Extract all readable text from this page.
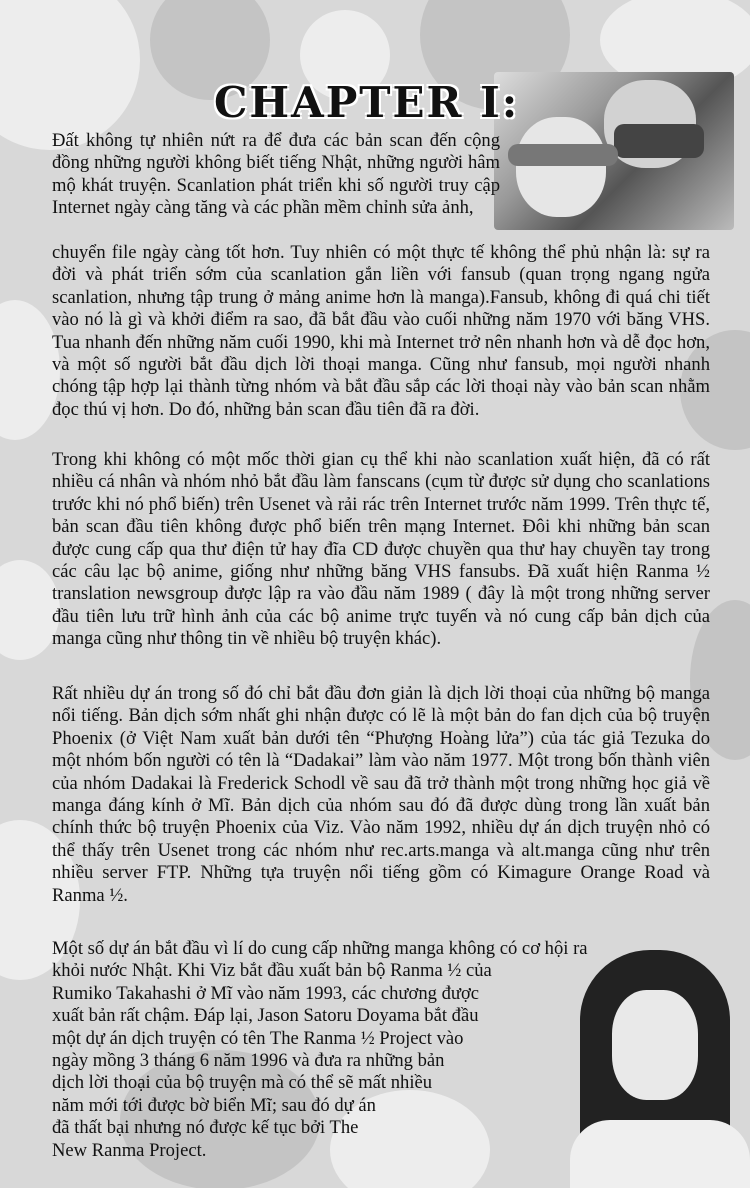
CHAPTER I:

Đất không tự nhiên nứt ra để đưa các bản scan đến cộng đồng những người không biết tiếng Nhật, những người hâm mộ khát truyện. Scanlation phát triển khi số người truy cập Internet ngày càng tăng và các phần mềm chỉnh sửa ảnh,

chuyển file ngày càng tốt hơn. Tuy nhiên có một thực tế không thể phủ nhận là: sự ra đời và phát triển sớm của scanlation gắn liền với fansub (quan trọng ngang ngửa scanlation, nhưng tập trung ở mảng anime hơn là manga).Fansub, không đi quá chi tiết vào nó là gì và khởi điểm ra sao, đã bắt đầu vào cuối những năm 1970 với băng VHS. Tua nhanh đến những năm cuối 1990, khi mà Internet trở nên nhanh hơn và dễ đọc hơn, và một số người bắt đầu dịch lời thoại manga. Cũng như fansub, mọi người nhanh chóng tập hợp lại thành từng nhóm và bắt đầu sắp các lời thoại này vào bản scan nhằm đọc thú vị hơn. Do đó, những bản scan đầu tiên đã ra đời.

Trong khi không có một mốc thời gian cụ thể khi nào scanlation xuất hiện, đã có rất nhiều cá nhân và nhóm nhỏ bắt đầu làm fanscans (cụm từ được sử dụng cho scanlations trước khi nó phổ biến) trên Usenet và rải rác trên Internet trước năm 1999. Trên thực tế, bản scan đầu tiên không được phổ biến trên mạng Internet. Đôi khi những bản scan được cung cấp qua thư điện tử hay đĩa CD được chuyền qua thư hay chuyền tay trong các câu lạc bộ anime, giống như những băng VHS fansubs. Đã xuất hiện Ranma ½ translation newsgroup được lập ra vào đầu năm 1989 ( đây là một trong những server đầu tiên lưu trữ hình ảnh của các bộ anime trực tuyến và nó cung cấp bản dịch của manga cũng như thông tin về nhiều bộ truyện khác).

Rất nhiều dự án trong số đó chỉ bắt đầu đơn giản là dịch lời thoại của những bộ manga nổi tiếng. Bản dịch sớm nhất ghi nhận được có lẽ là một bản do fan dịch của bộ truyện Phoenix (ở Việt Nam xuất bản dưới tên “Phượng Hoàng lửa”) của tác giả Tezuka do một nhóm bốn người có tên là “Dadakai” làm vào năm 1977. Một trong bốn thành viên của nhóm Dadakai là Frederick Schodl về sau đã trở thành một trong những học giả về manga đáng kính ở Mĩ. Bản dịch của nhóm sau đó đã được dùng trong lần xuất bản chính thức bộ truyện Phoenix của Viz. Vào năm 1992, nhiều dự án dịch truyện nhỏ có thể thấy trên Usenet trong các nhóm như rec.arts.manga và alt.manga cũng như trên nhiều server FTP. Những tựa truyện nổi tiếng gồm có Kimagure Orange Road và Ranma ½.

Một số dự án bắt đầu vì lí do cung cấp những manga không có cơ hội ra
khỏi nước Nhật. Khi Viz bắt đầu xuất bản bộ Ranma ½ của
Rumiko Takahashi ở Mĩ vào năm 1993, các chương được
xuất bản rất chậm. Đáp lại, Jason Satoru Doyama bắt đầu
một dự án dịch truyện có tên The Ranma ½ Project vào
ngày mồng 3 tháng 6 năm 1996 và đưa ra những bản
dịch lời thoại của bộ truyện mà có thể sẽ mất nhiều
năm mới tới được bờ biển Mĩ; sau đó dự án
đã thất bại nhưng nó được kế tục bởi The
New Ranma Project.
